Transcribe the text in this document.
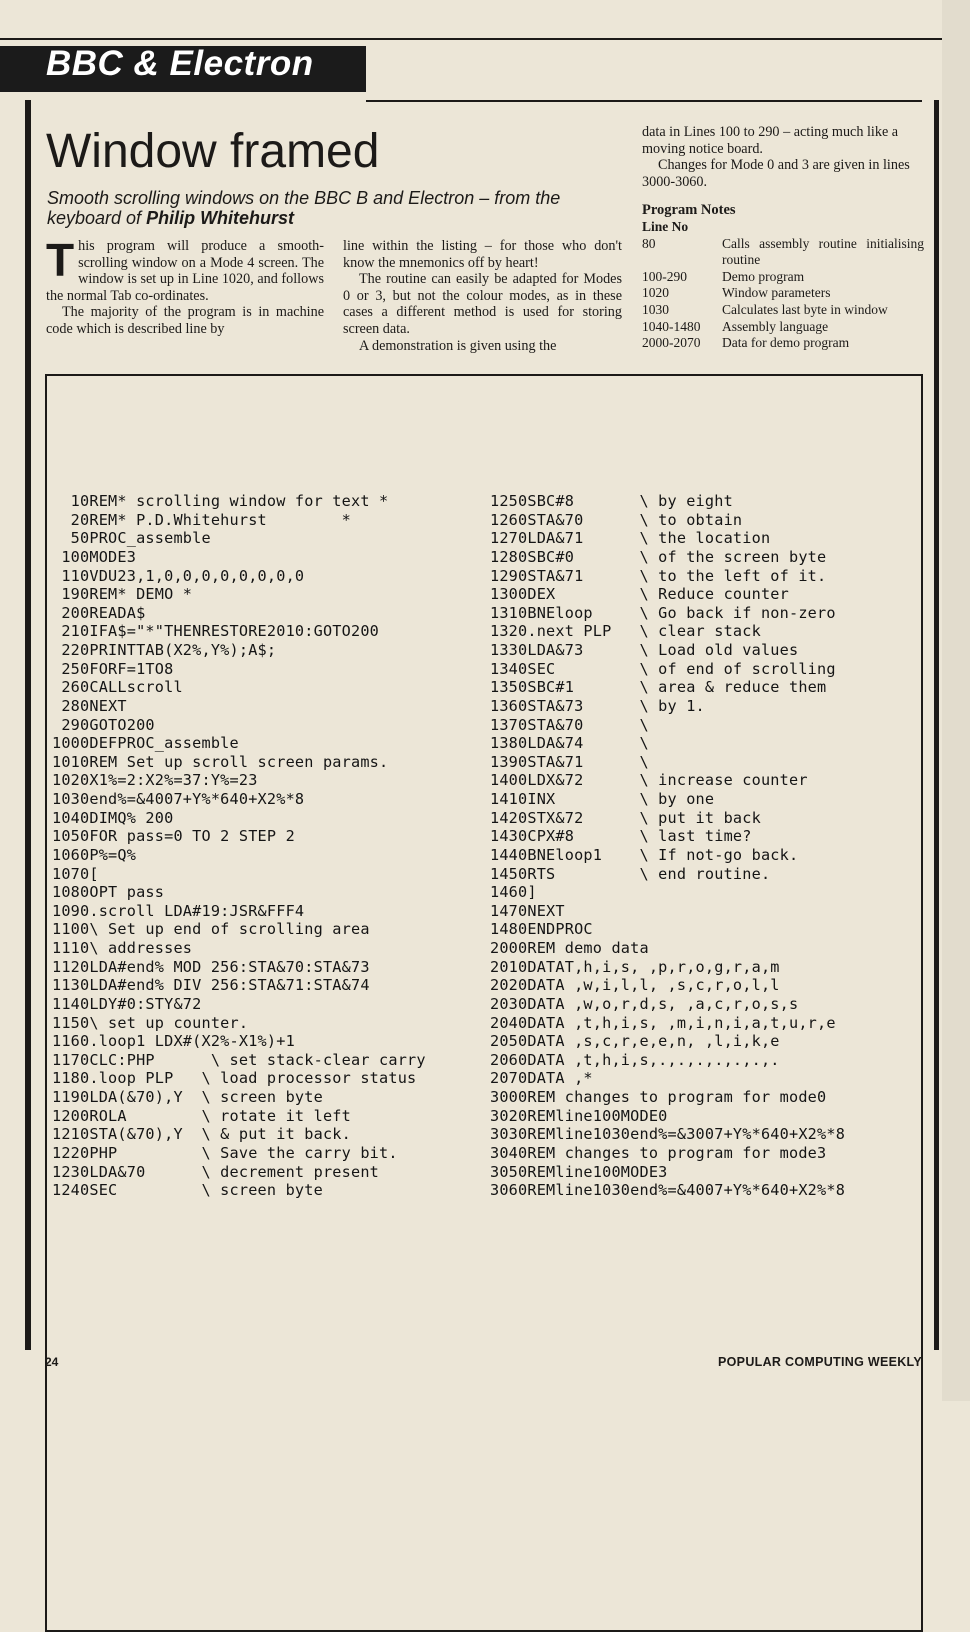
BBC & Electron
Window framed
Smooth scrolling windows on the BBC B and Electron – from the keyboard of Philip Whitehurst

This program will produce a smooth-scrolling window on a Mode 4 screen. The window is set up in Line 1020, and follows the normal Tab co-ordinates.

The majority of the program is in machine code which is described line by

line within the listing – for those who don't know the mnemonics off by heart!

The routine can easily be adapted for Modes 0 or 3, but not the colour modes, as in these cases a different method is used for storing screen data.

A demonstration is given using the

data in Lines 100 to 290 – acting much like a moving notice board.

Changes for Mode 0 and 3 are given in lines 3000-3060.

Program Notes
Line No
80	Calls assembly routine initialising routine
100-290	Demo program
1020	Window parameters
1030	Calculates last byte in window
1040-1480	Assembly language
2000-2070	Data for demo program
10REM* scrolling window for text *
20REM* P.D.Whitehurst        *
50PROC_assemble
100MODE3
110VDU23,1,0,0,0,0,0,0,0,0
190REM* DEMO *
200READA$
210IFA$="*"THENRESTORE2010:GOTO200
220PRINTTAB(X2%,Y%);A$;
250FORF=1TO8
260CALLscroll
280NEXT
290GOTO200
1000DEFPROC_assemble
1010REM Set up scroll screen params.
1020X1%=2:X2%=37:Y%=23
1030end%=&4007+Y%*640+X2%*8
1040DIMQ% 200
1050FOR pass=0 TO 2 STEP 2
1060P%=Q%
1070[
1080OPT pass
1090.scroll LDA#19:JSR&FFF4
1100\ Set up end of scrolling area
1110\ addresses
1120LDA#end% MOD 256:STA&70:STA&73
1130LDA#end% DIV 256:STA&71:STA&74
1140LDY#0:STY&72
1150\ set up counter.
1160.loop1 LDX#(X2%-X1%)+1
1170CLC:PHP      \ set stack-clear carry
1180.loop PLP   \ load processor status
1190LDA(&70),Y  \ screen byte
1200ROLA        \ rotate it left
1210STA(&70),Y  \ & put it back.
1220PHP         \ Save the carry bit.
1230LDA&70      \ decrement present
1240SEC         \ screen byte
1250SBC#8       \ by eight
1260STA&70      \ to obtain
1270LDA&71      \ the location
1280SBC#0       \ of the screen byte
1290STA&71      \ to the left of it.
1300DEX         \ Reduce counter
1310BNEloop     \ Go back if non-zero
1320.next PLP   \ clear stack
1330LDA&73      \ Load old values
1340SEC         \ of end of scrolling
1350SBC#1       \ area & reduce them
1360STA&73      \ by 1.
1370STA&70      \
1380LDA&74      \
1390STA&71      \
1400LDX&72      \ increase counter
1410INX         \ by one
1420STX&72      \ put it back
1430CPX#8       \ last time?
1440BNEloop1    \ If not-go back.
1450RTS         \ end routine.
1460]
1470NEXT
1480ENDPROC
2000REM demo data
2010DATAT,h,i,s, ,p,r,o,g,r,a,m
2020DATA ,w,i,l,l, ,s,c,r,o,l,l
2030DATA ,w,o,r,d,s, ,a,c,r,o,s,s
2040DATA ,t,h,i,s, ,m,i,n,i,a,t,u,r,e
2050DATA ,s,c,r,e,e,n, ,l,i,k,e
2060DATA ,t,h,i,s,.,.,.,.,.,.,.
2070DATA ,*
3000REM changes to program for mode0
3020REMline100MODE0
3030REMline1030end%=&3007+Y%*640+X2%*8
3040REM changes to program for mode3
3050REMline100MODE3
3060REMline1030end%=&4007+Y%*640+X2%*8
24	POPULAR COMPUTING WEEKLY
